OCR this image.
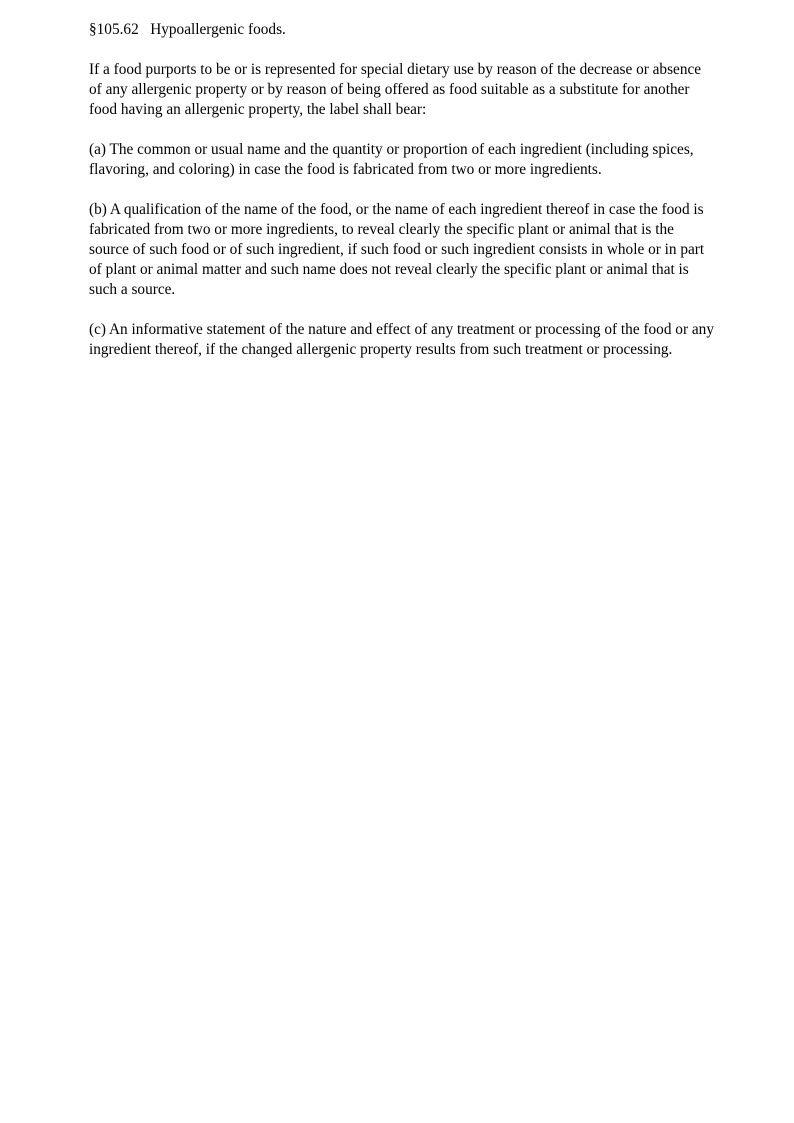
§105.62 Hypoallergenic foods.

If a food purports to be or is represented for special dietary use by reason of the decrease or absence of any allergenic property or by reason of being offered as food suitable as a substitute for another food having an allergenic property, the label shall bear:

(a) The common or usual name and the quantity or proportion of each ingredient (including spices, flavoring, and coloring) in case the food is fabricated from two or more ingredients.

(b) A qualification of the name of the food, or the name of each ingredient thereof in case the food is fabricated from two or more ingredients, to reveal clearly the specific plant or animal that is the source of such food or of such ingredient, if such food or such ingredient consists in whole or in part of plant or animal matter and such name does not reveal clearly the specific plant or animal that is such a source.

(c) An informative statement of the nature and effect of any treatment or processing of the food or any ingredient thereof, if the changed allergenic property results from such treatment or processing.
